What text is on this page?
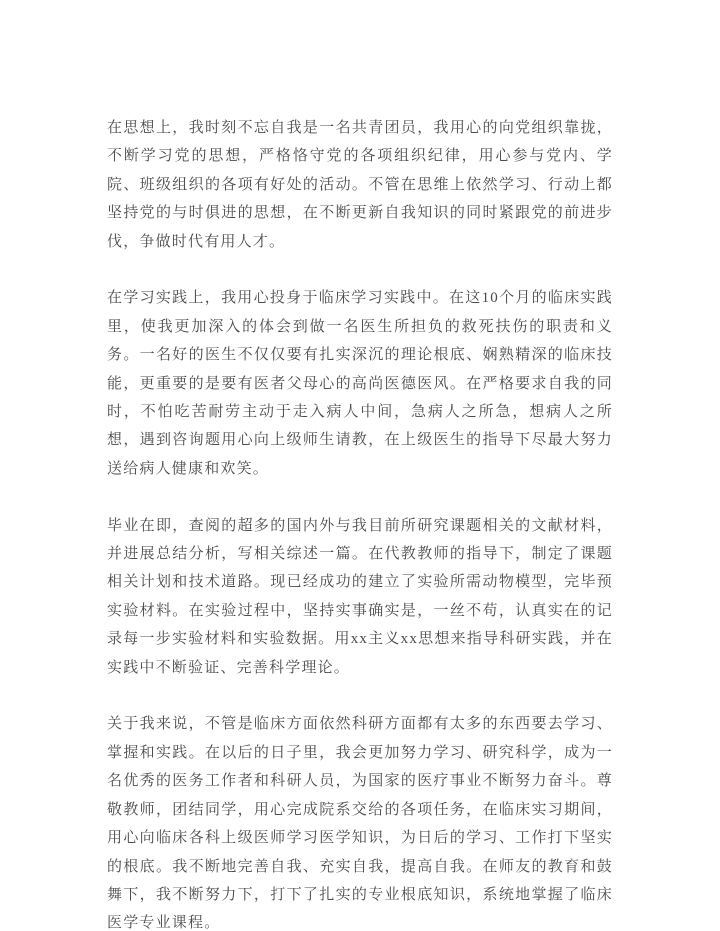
在思想上，我时刻不忘自我是一名共青团员，我用心的向党组织靠拢，不断学习党的思想，严格恪守党的各项组织纪律，用心参与党内、学院、班级组织的各项有好处的活动。不管在思维上依然学习、行动上都坚持党的与时俱进的思想，在不断更新自我知识的同时紧跟党的前进步伐，争做时代有用人才。

在学习实践上，我用心投身于临床学习实践中。在这10个月的临床实践里，使我更加深入的体会到做一名医生所担负的救死扶伤的职责和义务。一名好的医生不仅仅要有扎实深沉的理论根底、娴熟精深的临床技能，更重要的是要有医者父母心的高尚医德医风。在严格要求自我的同时，不怕吃苦耐劳主动于走入病人中间，急病人之所急，想病人之所想，遇到咨询题用心向上级师生请教，在上级医生的指导下尽最大努力送给病人健康和欢笑。

毕业在即，查阅的超多的国内外与我目前所研究课题相关的文献材料，并进展总结分析，写相关综述一篇。在代教教师的指导下，制定了课题相关计划和技术道路。现已经成功的建立了实验所需动物模型，完毕预实验材料。在实验过程中，坚持实事确实是，一丝不苟，认真实在的记录每一步实验材料和实验数据。用xx主义xx思想来指导科研实践，并在实践中不断验证、完善科学理论。

关于我来说，不管是临床方面依然科研方面都有太多的东西要去学习、掌握和实践。在以后的日子里，我会更加努力学习、研究科学，成为一名优秀的医务工作者和科研人员，为国家的医疗事业不断努力奋斗。尊敬教师，团结同学，用心完成院系交给的各项任务，在临床实习期间，用心向临床各科上级医师学习医学知识，为日后的学习、工作打下坚实的根底。我不断地完善自我、充实自我，提高自我。在师友的教育和鼓舞下，我不断努力下，打下了扎实的专业根底知识，系统地掌握了临床医学专业课程。
